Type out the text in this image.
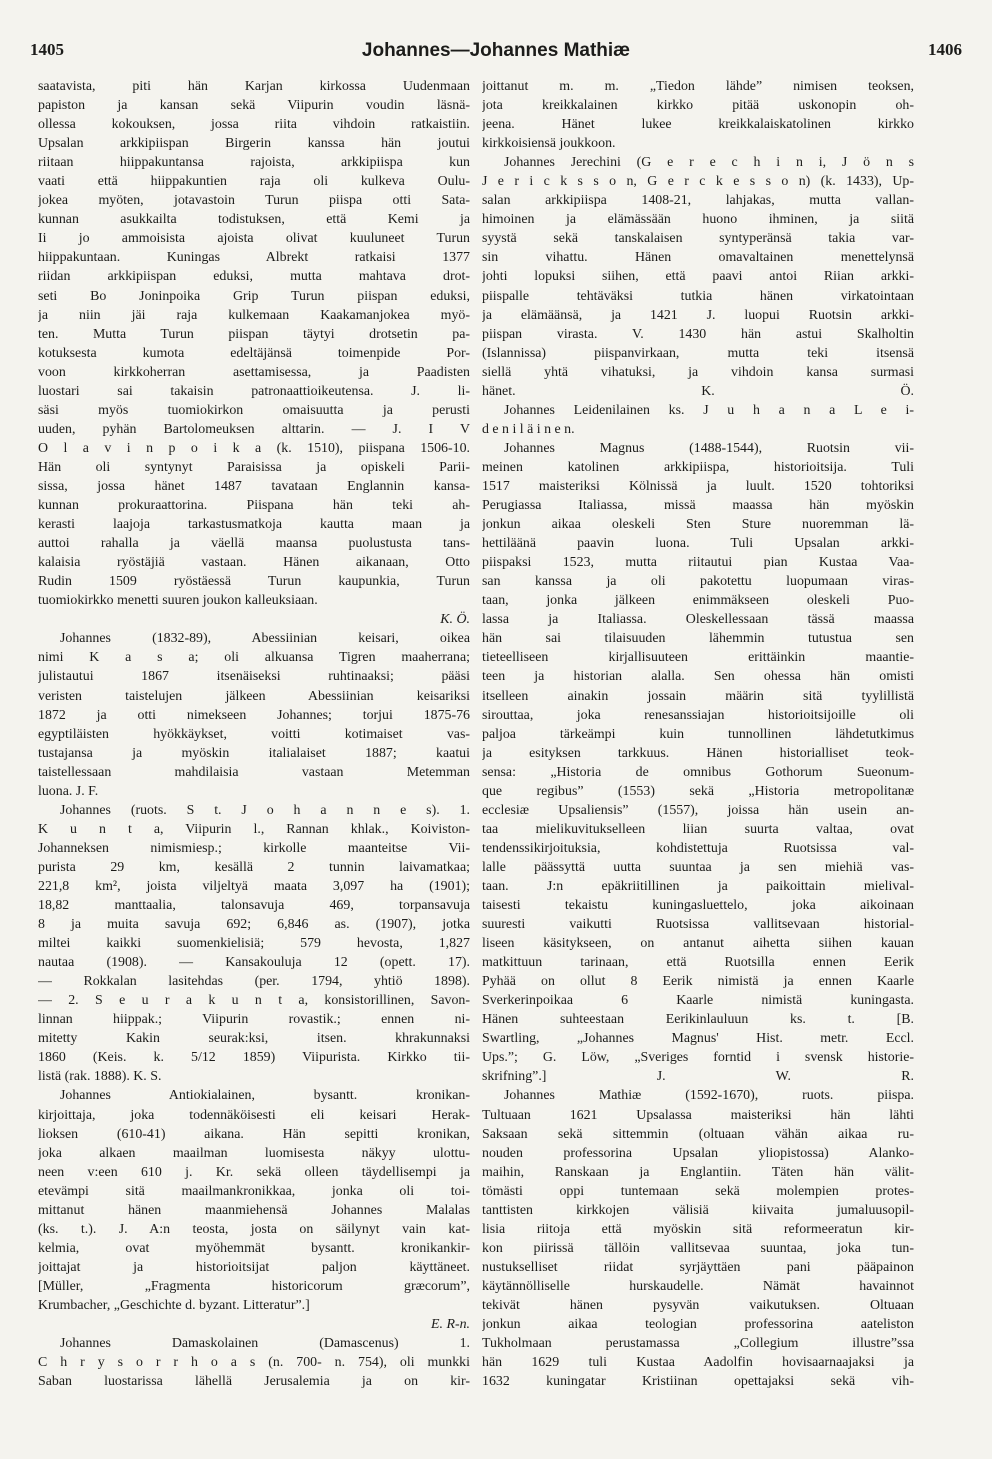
1405	Johannes—Johannes Mathiæ	1406
saatavista, piti hän Karjan kirkossa Uudenmaan
papiston ja kansan sekä Viipurin voudin läsnä-
ollessa kokouksen, jossa riita vihdoin ratkaistiin.
Upsalan arkkipiispan Birgerin kanssa hän joutui
riitaan hiippakuntansa rajoista, arkkipiispa kun
vaati että hiippakuntien raja oli kulkeva Oulu-
jokea myöten, jotavastoin Turun piispa otti Sata-
kunnan asukkailta todistuksen, että Kemi ja
Ii jo ammoisista ajoista olivat kuuluneet Turun
hiippakuntaan. Kuningas Albrekt ratkaisi 1377
riidan arkkipiispan eduksi, mutta mahtava drot-
seti Bo Joninpoika Grip Turun piispan eduksi,
ja niin jäi raja kulkemaan Kaakamanjokea myö-
ten. Mutta Turun piispan täytyi drotsetin pa-
kotuksesta kumota edeltäjänsä toimenpide Por-
voon kirkkoherran asettamisessa, ja Paadisten
luostari sai takaisin patronaattioikeutensa. J. li-
säsi myös tuomiokirkon omaisuutta ja perusti
uuden, pyhän Bartolomeuksen alttarin. — J. I V
O l a v i n p o i k a (k. 1510), piispana 1506-10.
Hän oli syntynyt Paraisissa ja opiskeli Parii-
sissa, jossa hänet 1487 tavataan Englannin kansa-
kunnan prokuraattorina. Piispana hän teki ah-
kerasti laajoja tarkastusmatkoja kautta maan ja
auttoi rahalla ja väellä maansa puolustusta tans-
kalaisia ryöstäjiä vastaan. Hänen aikanaan, Otto
Rudin 1509 ryöstäessä Turun kaupunkia, Turun
tuomiokirkko menetti suuren joukon kalleuksiaan.
K. Ö.
Johannes (1832-89), Abessiinian keisari, oikea
nimi K a s a; oli alkuansa Tigren maaherrana;
julistautui 1867 itsenäiseksi ruhtinaaksi; pääsi
veristen taistelujen jälkeen Abessiinian keisariksi
1872 ja otti nimekseen Johannes; torjui 1875-76
egyptiläisten hyökkäykset, voitti kotimaiset vas-
tustajansa ja myöskin italialaiset 1887; kaatui
taistellessaan mahdilaisia vastaan Metemman
luona. J. F.
Johannes (ruots. S t. J o h a n n e s). 1.
K u n t a, Viipurin l., Rannan khlak., Koiviston-
Johanneksen nimismiesp.; kirkolle maanteitse Vii-
purista 29 km, kesällä 2 tunnin laivamatkaa;
221,8 km², joista viljeltyä maata 3,097 ha (1901);
18,82 manttaalia, talonsavuja 469, torpansavuja
8 ja muita savuja 692; 6,846 as. (1907), jotka
miltei kaikki suomenkielisiä; 579 hevosta, 1,827
nautaa (1908). — Kansakouluja 12 (opett. 17).
— Rokkalan lasitehdas (per. 1794, yhtiö 1898).
— 2. S e u r a k u n t a, konsistorillinen, Savon-
linnan hiippak.; Viipurin rovastik.; ennen ni-
mitetty Kakin seurak:ksi, itsen. khrakunnaksi
1860 (Keis. k. 5/12 1859) Viipurista. Kirkko tii-
listä (rak. 1888). K. S.
Johannes Antiokialainen, bysantt. kronikan-
kirjoittaja, joka todennäköisesti eli keisari Herak-
lioksen (610-41) aikana. Hän sepitti kronikan,
joka alkaen maailman luomisesta näkyy ulottu-
neen v:een 610 j. Kr. sekä olleen täydellisempi ja
etevämpi sitä maailmankronikkaa, jonka oli toi-
mittanut hänen maanmiehensä Johannes Malalas
(ks. t.). J. A:n teosta, josta on säilynyt vain kat-
kelmia, ovat myöhemmät bysantt. kronikankir-
joittajat ja historioitsijat paljon käyttäneet.
[Müller, „Fragmenta historicorum græcorum”,
Krumbacher, „Geschichte d. byzant. Litteratur”.]
E. R-n.
Johannes Damaskolainen (Damascenus) 1.
C h r y s o r r h o a s (n. 700- n. 754), oli munkki
Saban luostarissa lähellä Jerusalemia ja on kir-
joittanut m. m. „Tiedon lähde” nimisen teoksen,
jota kreikkalainen kirkko pitää uskonopin oh-
jeena. Hänet lukee kreikkalaiskatolinen kirkko
kirkkoisiensä joukkoon.
Johannes Jerechini (G e r e c h i n i, J ö n s
J e r i c k s s o n, G e r c k e s s o n) (k. 1433), Up-
salan arkkipiispa 1408-21, lahjakas, mutta vallan-
himoinen ja elämässään huono ihminen, ja siitä
syystä sekä tanskalaisen syntyperänsä takia var-
sin vihattu. Hänen omavaltainen menettelynsä
johti lopuksi siihen, että paavi antoi Riian arkki-
piispalle tehtäväksi tutkia hänen virkatointaan
ja elämäänsä, ja 1421 J. luopui Ruotsin arkki-
piispan virasta. V. 1430 hän astui Skalholtin
(Islannissa) piispanvirkaan, mutta teki itsensä
siellä yhtä vihatuksi, ja vihdoin kansa surmasi
hänet. K. Ö.
Johannes Leidenilainen ks. J u h a n a L e i-
d e n i l ä i n e n.
Johannes Magnus (1488-1544), Ruotsin vii-
meinen katolinen arkkipiispa, historioitsija. Tuli
1517 maisteriksi Kölnissä ja luult. 1520 tohtoriksi
Perugiassa Italiassa, missä maassa hän myöskin
jonkun aikaa oleskeli Sten Sture nuoremman lä-
hettiläänä paavin luona. Tuli Upsalan arkki-
piispaksi 1523, mutta riitautui pian Kustaa Vaa-
san kanssa ja oli pakotettu luopumaan viras-
taan, jonka jälkeen enimmäkseen oleskeli Puo-
lassa ja Italiassa. Oleskellessaan tässä maassa
hän sai tilaisuuden lähemmin tutustua sen
tieteelliseen kirjallisuuteen erittäinkin maantie-
teen ja historian alalla. Sen ohessa hän omisti
itselleen ainakin jossain määrin sitä tyylillistä
sirouttaa, joka renesanssiajan historioitsijoille oli
paljoa tärkeämpi kuin tunnollinen lähdetutkimus
ja esityksen tarkkuus. Hänen historialliset teok-
sensa: „Historia de omnibus Gothorum Sueonum-
que regibus” (1553) sekä „Historia metropolitanæ
ecclesiæ Upsaliensis” (1557), joissa hän usein an-
taa mielikuvitukselleen liian suurta valtaa, ovat
tendenssikirjoituksia, kohdistettuja Ruotsissa val-
lalle päässyttä uutta suuntaa ja sen miehiä vas-
taan. J:n epäkriitillinen ja paikoittain mielival-
taisesti tekaistu kuningasluettelo, joka aikoinaan
suuresti vaikutti Ruotsissa vallitsevaan historial-
liseen käsitykseen, on antanut aihetta siihen kauan
matkittuun tarinaan, että Ruotsilla ennen Eerik
Pyhää on ollut 8 Eerik nimistä ja ennen Kaarle
Sverkerinpoikaa 6 Kaarle nimistä kuningasta.
Hänen suhteestaan Eerikinlauluun ks. t. [B.
Swartling, „Johannes Magnus' Hist. metr. Eccl.
Ups.”; G. Löw, „Sveriges forntid i svensk historie-
skrifning”.] J. W. R.
Johannes Mathiæ (1592-1670), ruots. piispa.
Tultuaan 1621 Upsalassa maisteriksi hän lähti
Saksaan sekä sittemmin (oltuaan vähän aikaa ru-
nouden professorina Upsalan yliopistossa) Alanko-
maihin, Ranskaan ja Englantiin. Täten hän välit-
tömästi oppi tuntemaan sekä molempien protes-
tanttisten kirkkojen välisiä kiivaita jumaluusopil-
lisia riitoja että myöskin sitä reformeeratun kir-
kon piirissä tällöin vallitsevaa suuntaa, joka tun-
nustukselliset riidat syrjäyttäen pani pääpainon
käytännölliselle hurskaudelle. Nämät havainnot
tekivät hänen pysyvän vaikutuksen. Oltuaan
jonkun aikaa teologian professorina aateliston
Tukholmaan perustamassa „Collegium illustre”ssa
hän 1629 tuli Kustaa Aadolfin hovisaarnaajaksi ja
1632 kuningatar Kristiinan opettajaksi sekä vih-
